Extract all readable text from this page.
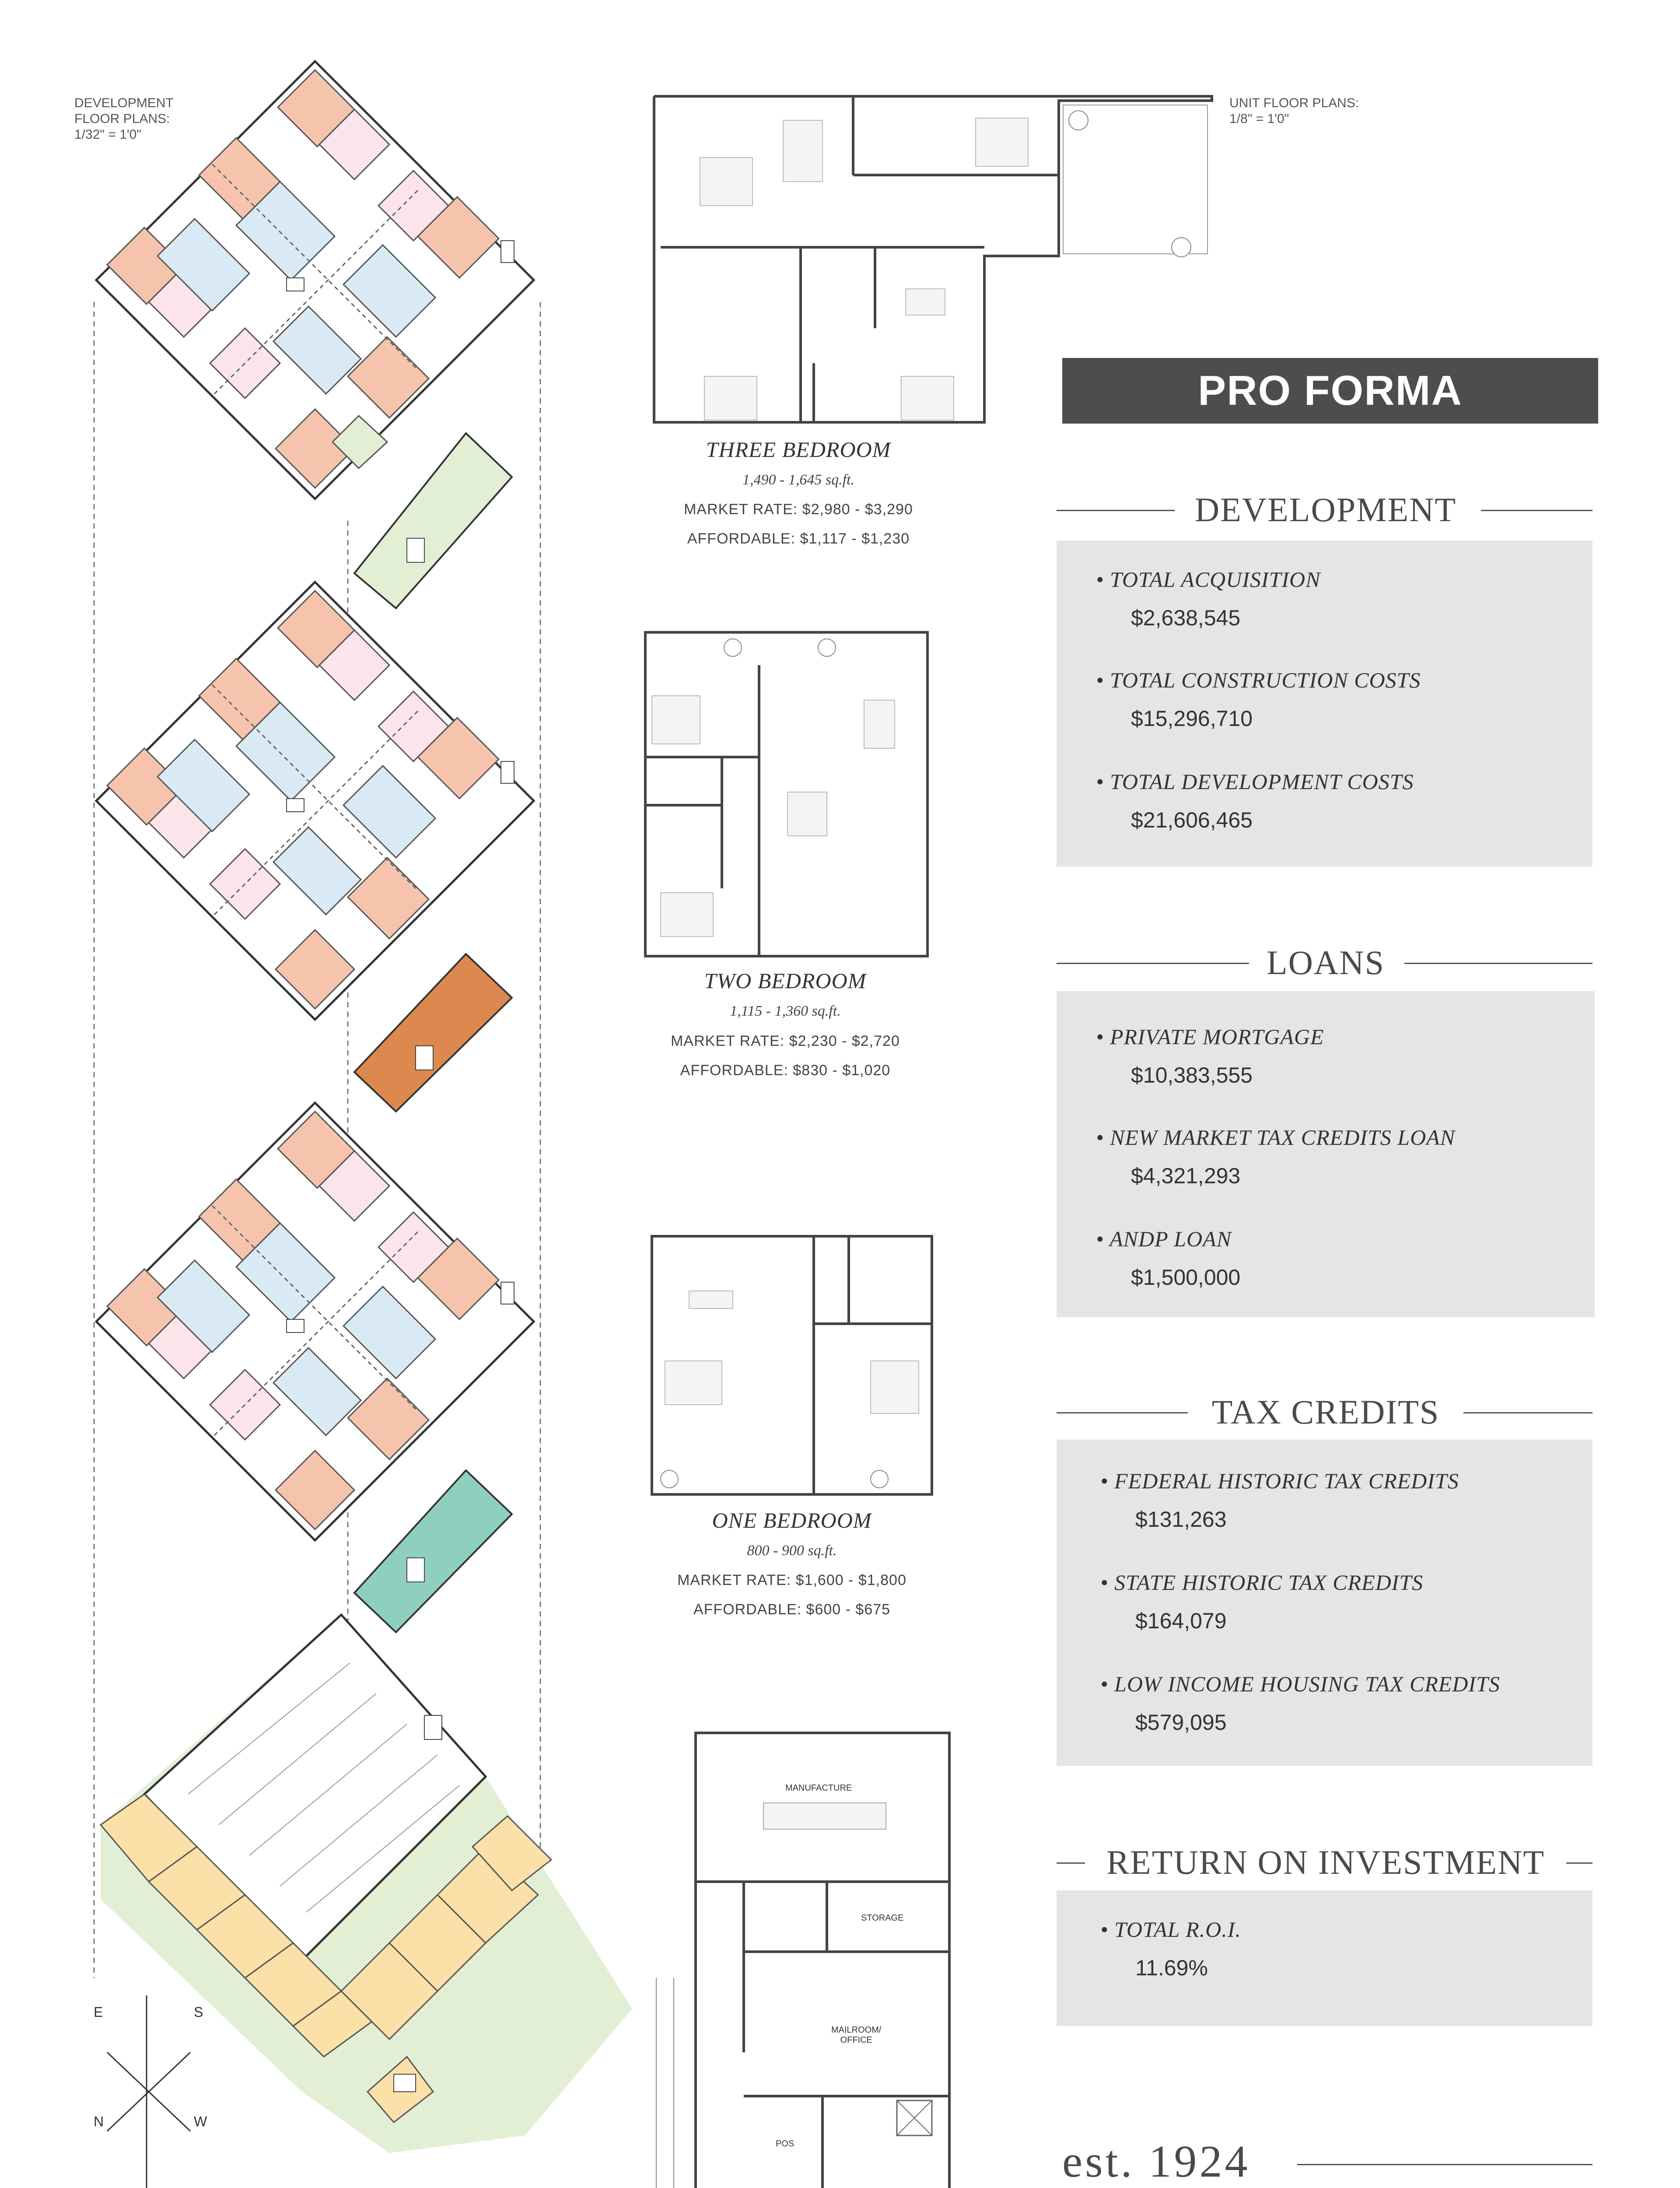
DEVELOPMENT
FLOOR PLANS:
1/32" = 1'0"
UNIT FLOOR PLANS:
1/8" = 1'0"
E	S
N	W
THREE BEDROOM
1,490 - 1,645 sq.ft.
MARKET RATE: $2,980 - $3,290
AFFORDABLE: $1,117 - $1,230
TWO BEDROOM
1,115 - 1,360 sq.ft.
MARKET RATE: $2,230 - $2,720
AFFORDABLE: $830 - $1,020
ONE BEDROOM
800 - 900 sq.ft.
MARKET RATE: $1,600 - $1,800
AFFORDABLE: $600 - $675
MANUFACTURE
STORAGE
MAILROOM/
OFFICE
POS
PRO FORMA
DEVELOPMENT
• TOTAL ACQUISITION
$2,638,545
• TOTAL CONSTRUCTION COSTS
$15,296,710
• TOTAL DEVELOPMENT COSTS
$21,606,465
LOANS
• PRIVATE MORTGAGE
$10,383,555
• NEW MARKET TAX CREDITS LOAN
$4,321,293
• ANDP LOAN
$1,500,000
TAX CREDITS
• FEDERAL HISTORIC TAX CREDITS
$131,263
• STATE HISTORIC TAX CREDITS
$164,079
• LOW INCOME HOUSING TAX CREDITS
$579,095
RETURN ON INVESTMENT
• TOTAL R.O.I.
11.69%
est. 1924
